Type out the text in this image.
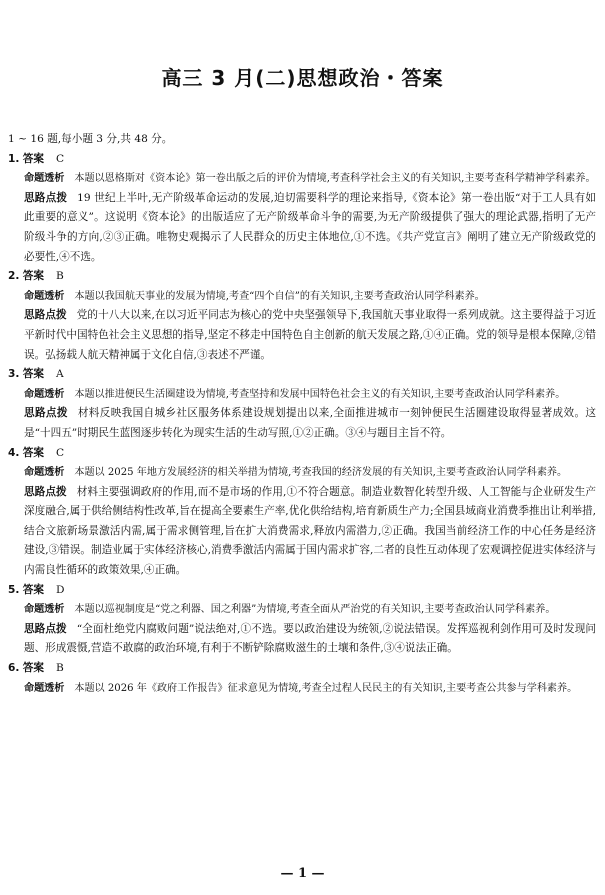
高三 3 月(二)思想政治・答案

1 ~ 16 题,每小题 3 分,共 48 分。

1. 答案 C

命题透析 本题以恩格斯对《资本论》第一卷出版之后的评价为情境,考查科学社会主义的有关知识,主要考查科学精神学科素养。

思路点拨 19 世纪上半叶,无产阶级革命运动的发展,迫切需要科学的理论来指导,《资本论》第一卷出版“对于工人具有如此重要的意义”。这说明《资本论》的出版适应了无产阶级革命斗争的需要,为无产阶级提供了强大的理论武器,指明了无产阶级斗争的方向,②③正确。唯物史观揭示了人民群众的历史主体地位,①不选。《共产党宣言》阐明了建立无产阶级政党的必要性,④不选。

2. 答案 B

命题透析 本题以我国航天事业的发展为情境,考查“四个自信”的有关知识,主要考查政治认同学科素养。

思路点拨 党的十八大以来,在以习近平同志为核心的党中央坚强领导下,我国航天事业取得一系列成就。这主要得益于习近平新时代中国特色社会主义思想的指导,坚定不移走中国特色自主创新的航天发展之路,①④正确。党的领导是根本保障,②错误。弘扬载人航天精神属于文化自信,③表述不严谨。

3. 答案 A

命题透析 本题以推进便民生活圈建设为情境,考查坚持和发展中国特色社会主义的有关知识,主要考查政治认同学科素养。

思路点拨 材料反映我国自城乡社区服务体系建设规划提出以来,全面推进城市一刻钟便民生活圈建设取得显著成效。这是“十四五”时期民生蓝图逐步转化为现实生活的生动写照,①②正确。③④与题目主旨不符。

4. 答案 C

命题透析 本题以 2025 年地方发展经济的相关举措为情境,考查我国的经济发展的有关知识,主要考查政治认同学科素养。

思路点拨 材料主要强调政府的作用,而不是市场的作用,①不符合题意。制造业数智化转型升级、人工智能与企业研发生产深度融合,属于供给侧结构性改革,旨在提高全要素生产率,优化供给结构,培育新质生产力;全国县域商业消费季推出让利举措,结合文旅新场景激活内需,属于需求侧管理,旨在扩大消费需求,释放内需潜力,②正确。我国当前经济工作的中心任务是经济建设,③错误。制造业属于实体经济核心,消费季激活内需属于国内需求扩容,二者的良性互动体现了宏观调控促进实体经济与内需良性循环的政策效果,④正确。

5. 答案 D

命题透析 本题以巡视制度是“党之利器、国之利器”为情境,考查全面从严治党的有关知识,主要考查政治认同学科素养。

思路点拨 “全面杜绝党内腐败问题”说法绝对,①不选。要以政治建设为统领,②说法错误。发挥巡视利剑作用可及时发现问题、形成震慑,营造不敢腐的政治环境,有利于不断铲除腐败滋生的土壤和条件,③④说法正确。

6. 答案 B

命题透析 本题以 2026 年《政府工作报告》征求意见为情境,考查全过程人民民主的有关知识,主要考查公共参与学科素养。

— 1 —
